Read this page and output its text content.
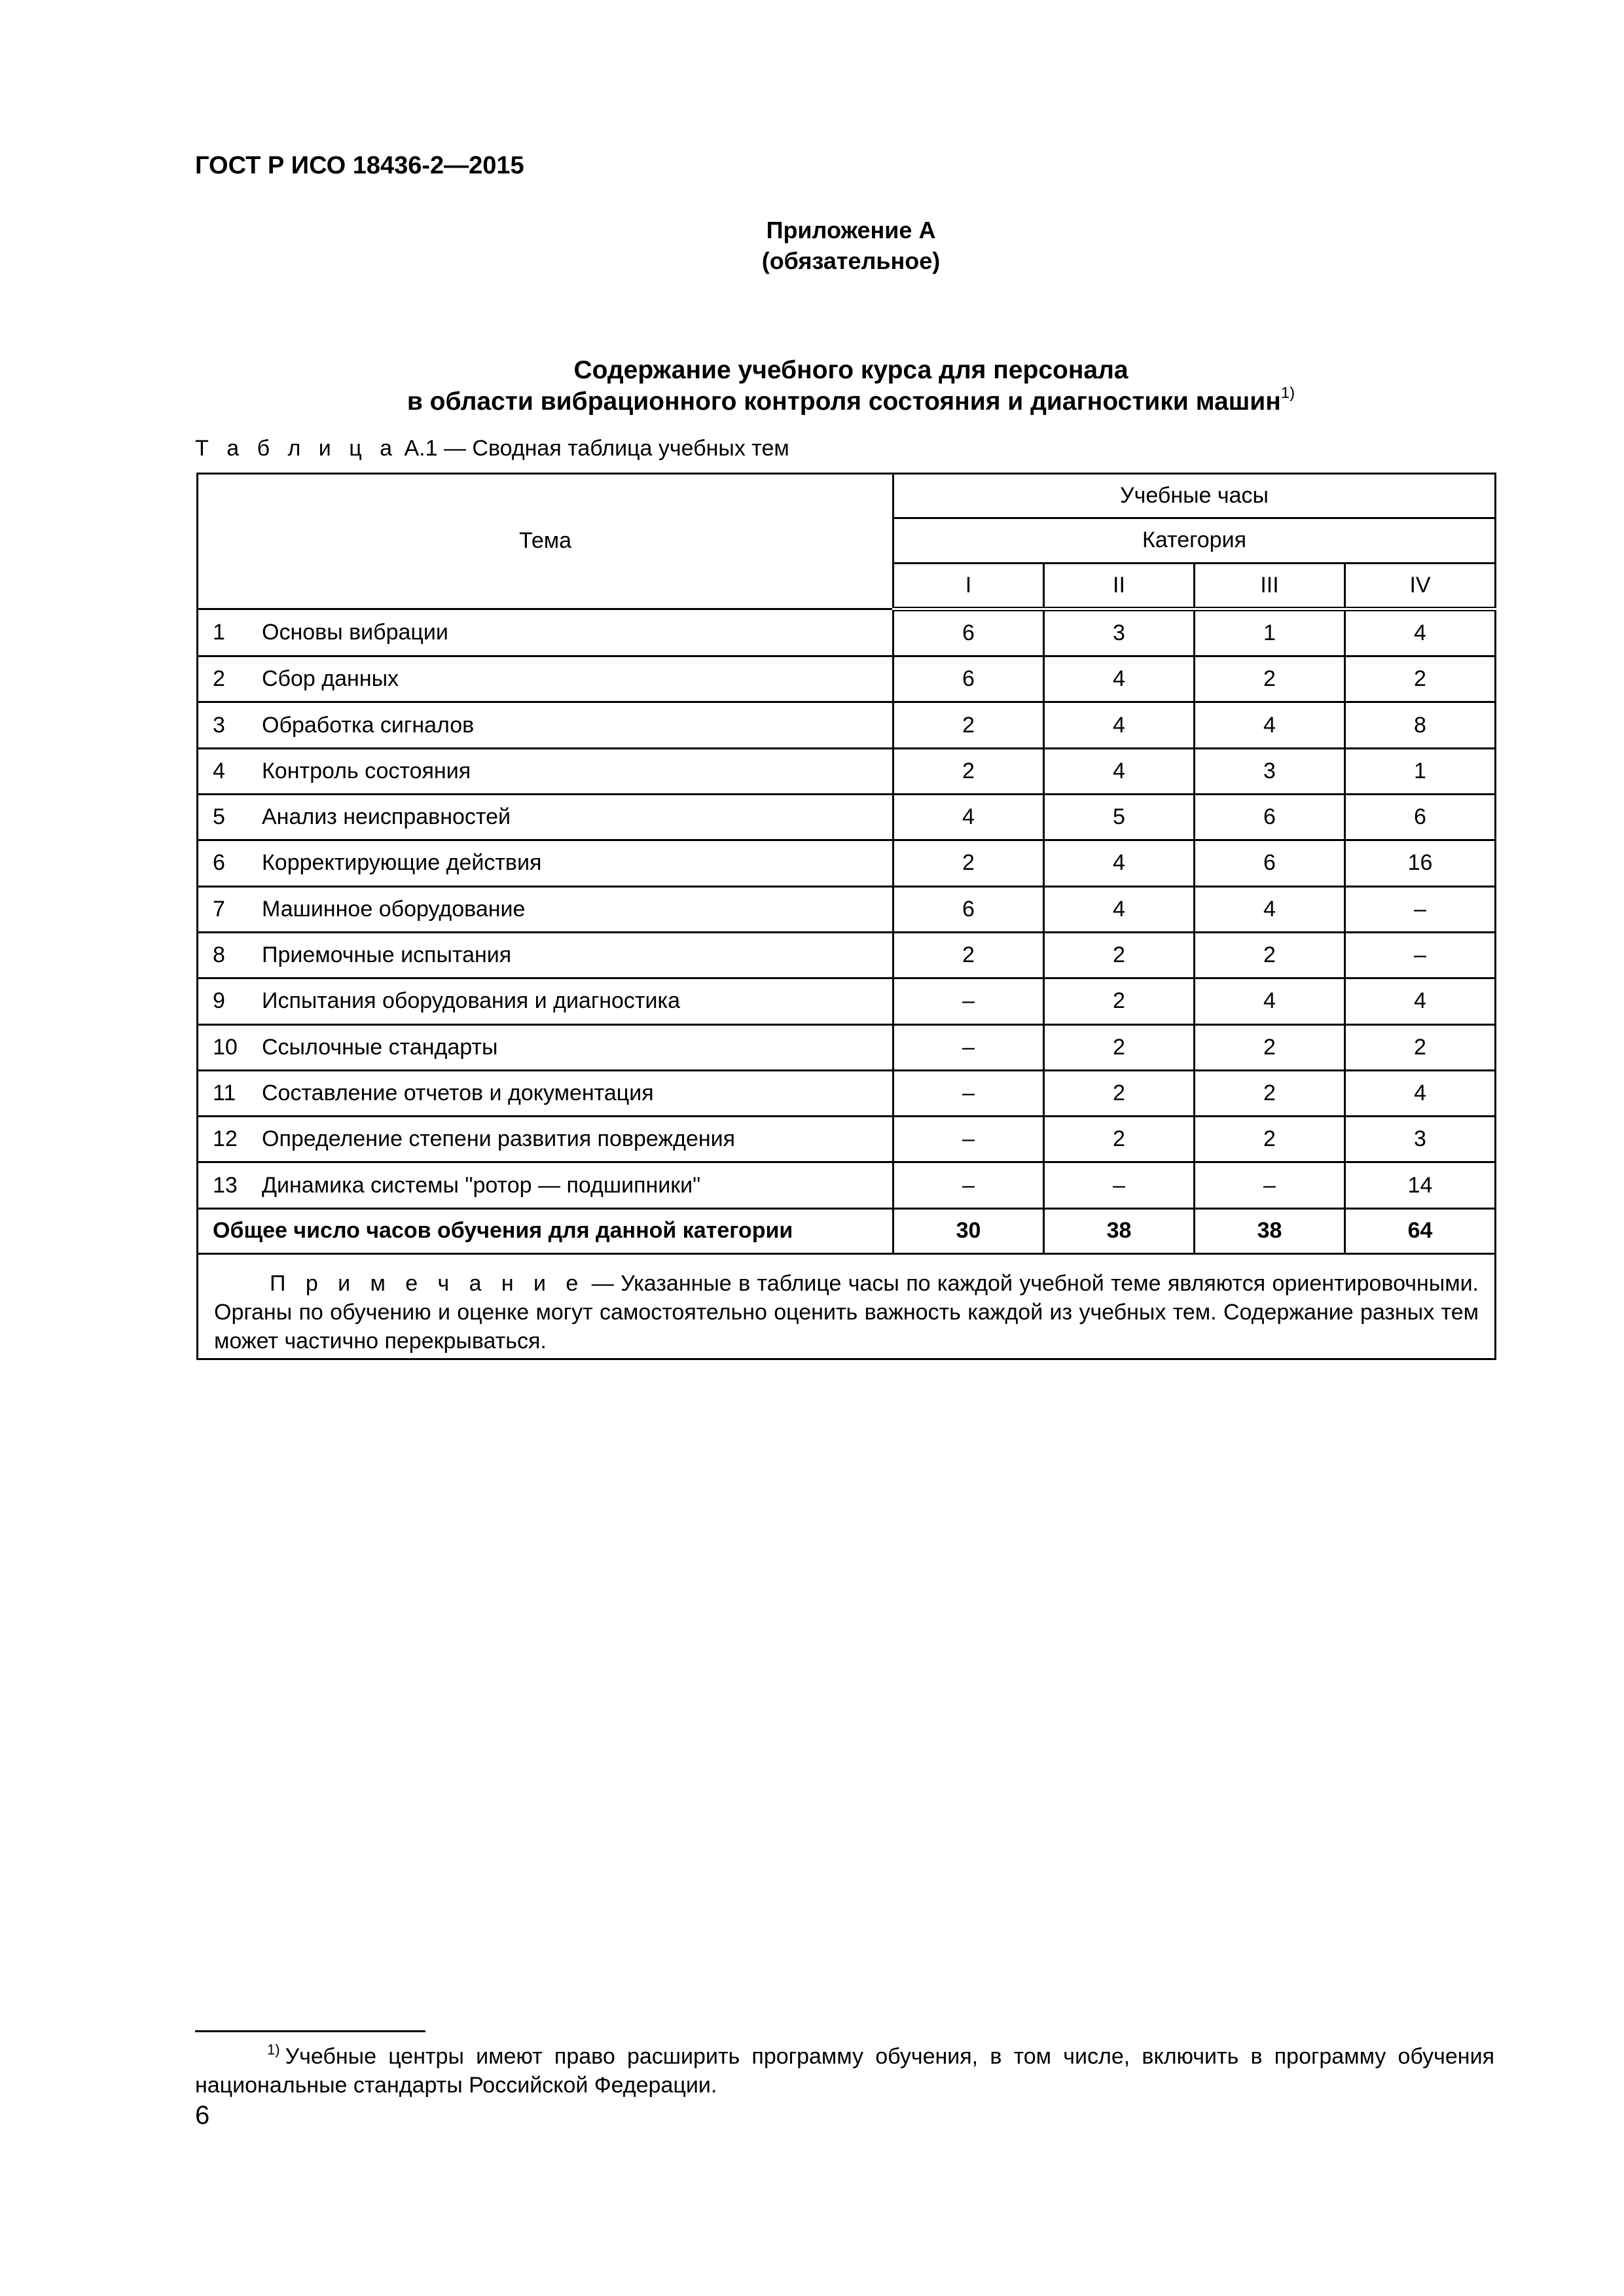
ГОСТ Р ИСО 18436-2—2015
Приложение А
(обязательное)
Содержание учебного курса для персонала
в области вибрационного контроля состояния и диагностики машин$^{1)}$
Т а б л и ц а А.1 — Сводная таблица учебных тем
Тема	Учебные часы			
	Категория			
	I	II	III	IV
1 Основы вибрации	6	3	1	4
2 Сбор данных	6	4	2	2
3 Обработка сигналов	2	4	4	8
4 Контроль состояния	2	4	3	1
5 Анализ неисправностей	4	5	6	6
6 Корректирующие действия	2	4	6	16
7 Машинное оборудование	6	4	4	–
8 Приемочные испытания	2	2	2	–
9 Испытания оборудования и диагностика	–	2	4	4
10 Ссылочные стандарты	–	2	2	2
11 Составление отчетов и документация	–	2	2	4
12 Определение степени развития повреждения	–	2	2	3
13 Динамика системы "ротор — подшипники"	–	–	–	14
Общее число часов обучения для данной категории	30	38	38	64
П р и м е ч а н и е — Указанные в таблице часы по каждой учебной теме являются ориентировочными. Органы по обучению и оценке могут самостоятельно оценить важность каждой из учебных тем. Содержание разных тем может частично перекрываться.				
$^{1)}$ Учебные центры имеют право расширить программу обучения, в том числе, включить в программу обучения национальные стандарты Российской Федерации.
6
